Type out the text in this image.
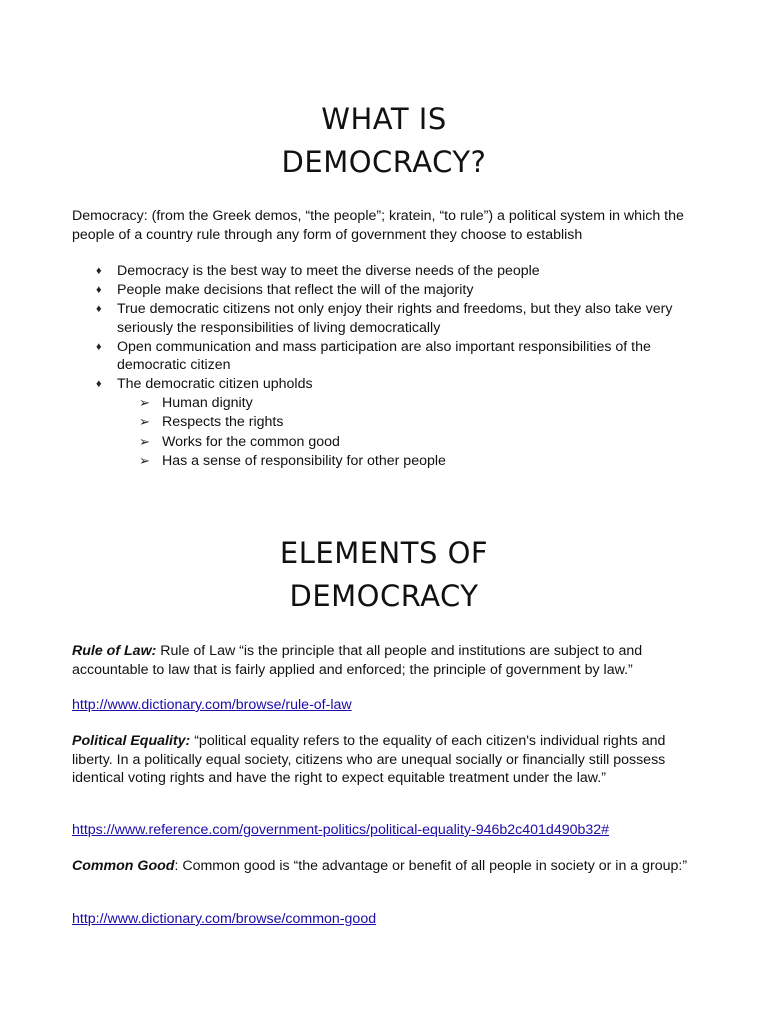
WHAT IS
DEMOCRACY?

Democracy: (from the Greek demos, “the people”; kratein, “to rule”) a political system in which the people of a country rule through any form of government they choose to establish

♦ Democracy is the best way to meet the diverse needs of the people
♦ People make decisions that reflect the will of the majority
♦ True democratic citizens not only enjoy their rights and freedoms, but they also take very seriously the responsibilities of living democratically
♦ Open communication and mass participation are also important responsibilities of the democratic citizen
♦ The democratic citizen upholds
➢ Human dignity
➢ Respects the rights
➢ Works for the common good
➢ Has a sense of responsibility for other people
ELEMENTS OF
DEMOCRACY

Rule of Law: Rule of Law “is the principle that all people and institutions are subject to and accountable to law that is fairly applied and enforced; the principle of government by law.”

http://www.dictionary.com/browse/rule-of-law

Political Equality: “political equality refers to the equality of each citizen's individual rights and liberty. In a politically equal society, citizens who are unequal socially or financially still possess identical voting rights and have the right to expect equitable treatment under the law.”

https://www.reference.com/government-politics/political-equality-946b2c401d490b32#

Common Good: Common good is “the advantage or benefit of all people in society or in a group:”

http://www.dictionary.com/browse/common-good
